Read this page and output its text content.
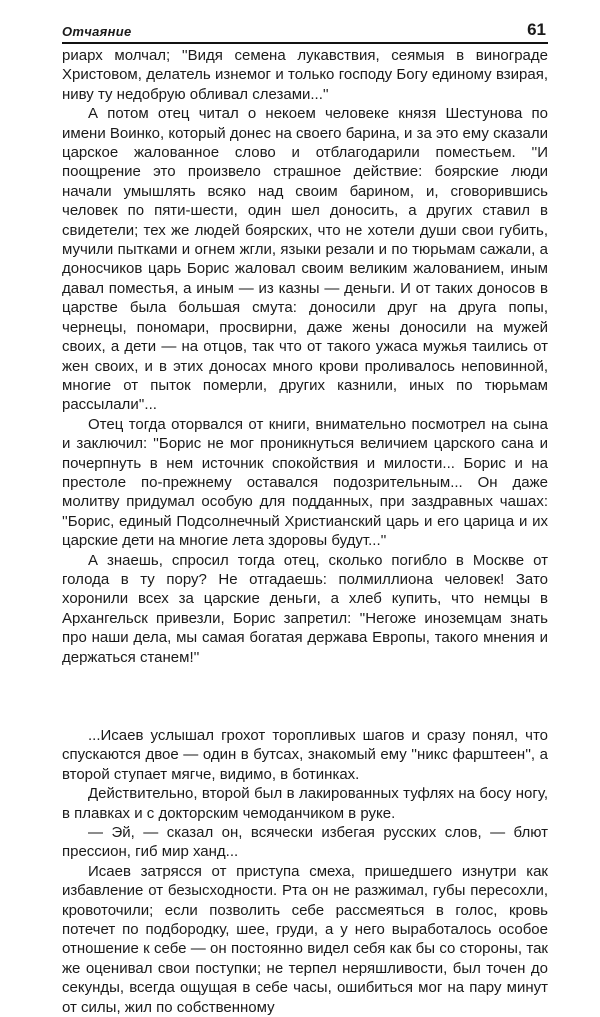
Отчаяние	61

риарх молчал; ''Видя семена лукавствия, сеямыя в винограде Христовом, делатель изнемог и только господу Богу единому взирая, ниву ту недобрую обливал слезами...''

А потом отец читал о некоем человеке князя Шестунова по имени Воинко, который донес на своего барина, и за это ему сказали царское жалованное слово и отблагодарили поместьем. ''И поощрение это произвело страшное действие: боярские люди начали умышлять всяко над своим барином, и, сговорившись человек по пяти-шести, один шел доносить, а других ставил в свидетели; тех же людей боярских, что не хотели души свои губить, мучили пытками и огнем жгли, языки резали и по тюрьмам сажали, а доносчиков царь Борис жаловал своим великим жалованием, иным давал поместья, а иным — из казны — деньги. И от таких доносов в царстве была большая смута: доносили друг на друга попы, чернецы, пономари, просвирни, даже жены доносили на мужей своих, а дети — на отцов, так что от такого ужаса мужья таились от жен своих, и в этих доносах много крови проливалось неповинной, многие от пыток померли, других казнили, иных по тюрьмам рассылали''...

Отец тогда оторвался от книги, внимательно посмотрел на сына и заключил: ''Борис не мог проникнуться величием царского сана и почерпнуть в нем источник спокойствия и милости... Борис и на престоле по-прежнему оставался подозрительным... Он даже молитву придумал особую для подданных, при заздравных чашах: ''Борис, единый Подсолнечный Христианский царь и его царица и их царские дети на многие лета здоровы будут...''

А знаешь, спросил тогда отец, сколько погибло в Москве от голода в ту пору? Не отгадаешь: полмиллиона человек! Зато хоронили всех за царские деньги, а хлеб купить, что немцы в Архангельск привезли, Борис запретил: ''Негоже иноземцам знать про наши дела, мы самая богатая держава Европы, такого мнения и держаться станем!''

...Исаев услышал грохот торопливых шагов и сразу понял, что спускаются двое — один в бутсах, знакомый ему ''никс фарштеен'', а второй ступает мягче, видимо, в ботинках.

Действительно, второй был в лакированных туфлях на босу ногу, в плавках и с докторским чемоданчиком в руке.

— Эй, — сказал он, всячески избегая русских слов, — блют прессион, гиб мир ханд...

Исаев затрясся от приступа смеха, пришедшего изнутри как избавление от безысходности. Рта он не разжимал, губы пересохли, кровоточили; если позволить себе рассмеяться в голос, кровь потечет по подбородку, шее, груди, а у него выработалось особое отношение к себе — он постоянно видел себя как бы со стороны, так же оценивал свои поступки; не терпел неряшливости, был точен до секунды, всегда ощущая в себе часы, ошибиться мог на пару минут от силы, жил по собственному
